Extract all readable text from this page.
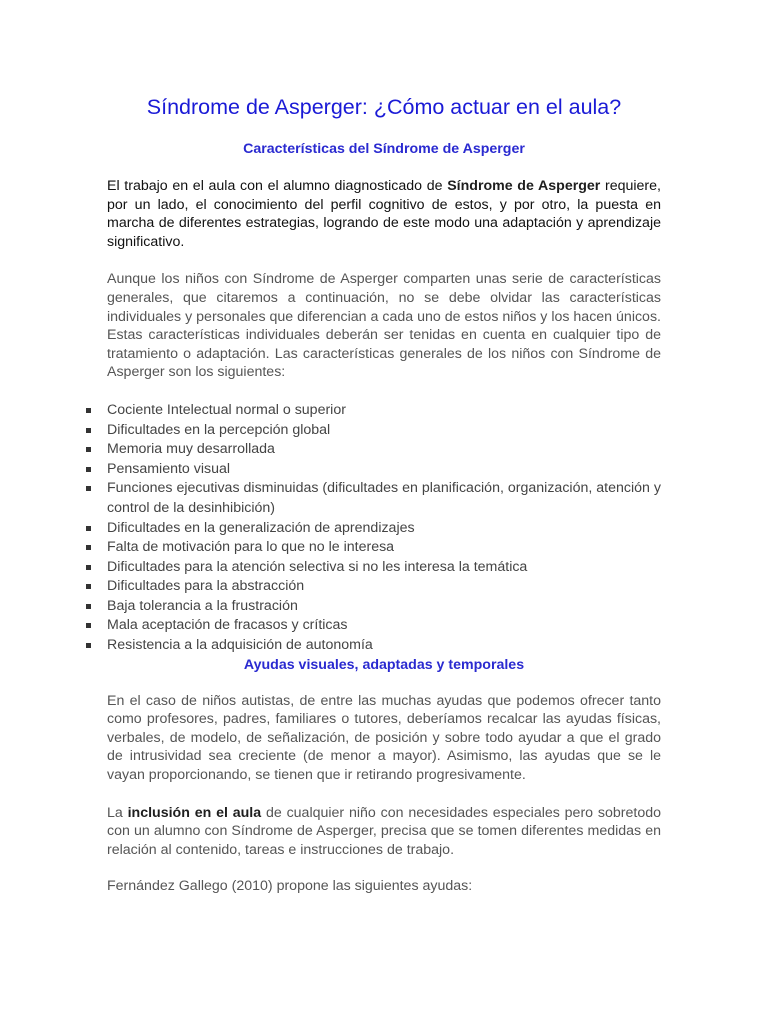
Síndrome de Asperger: ¿Cómo actuar en el aula?
Características del Síndrome de Asperger

El trabajo en el aula con el alumno diagnosticado de Síndrome de Asperger requiere, por un lado, el conocimiento del perfil cognitivo de estos, y por otro, la puesta en marcha de diferentes estrategias, logrando de este modo una adaptación y aprendizaje significativo.

Aunque los niños con Síndrome de Asperger comparten unas serie de características generales, que citaremos a continuación, no se debe olvidar las características individuales y personales que diferencian a cada uno de estos niños y los hacen únicos. Estas características individuales deberán ser tenidas en cuenta en cualquier tipo de tratamiento o adaptación. Las características generales de los niños con Síndrome de Asperger son los siguientes:

Cociente Intelectual normal o superior
Dificultades en la percepción global
Memoria muy desarrollada
Pensamiento visual
Funciones ejecutivas disminuidas (dificultades en planificación, organización, atención y control de la desinhibición)
Dificultades en la generalización de aprendizajes
Falta de motivación para lo que no le interesa
Dificultades para la atención selectiva si no les interesa la temática
Dificultades para la abstracción
Baja tolerancia a la frustración
Mala aceptación de fracasos y críticas
Resistencia a la adquisición de autonomía
Ayudas visuales, adaptadas y temporales

En el caso de niños autistas, de entre las muchas ayudas que podemos ofrecer tanto como profesores, padres, familiares o tutores, deberíamos recalcar las ayudas físicas, verbales, de modelo, de señalización, de posición y sobre todo ayudar a que el grado de intrusividad sea creciente (de menor a mayor). Asimismo, las ayudas que se le vayan proporcionando, se tienen que ir retirando progresivamente.

La inclusión en el aula de cualquier niño con necesidades especiales pero sobretodo con un alumno con Síndrome de Asperger, precisa que se tomen diferentes medidas en relación al contenido, tareas e instrucciones de trabajo.

Fernández Gallego (2010) propone las siguientes ayudas:
